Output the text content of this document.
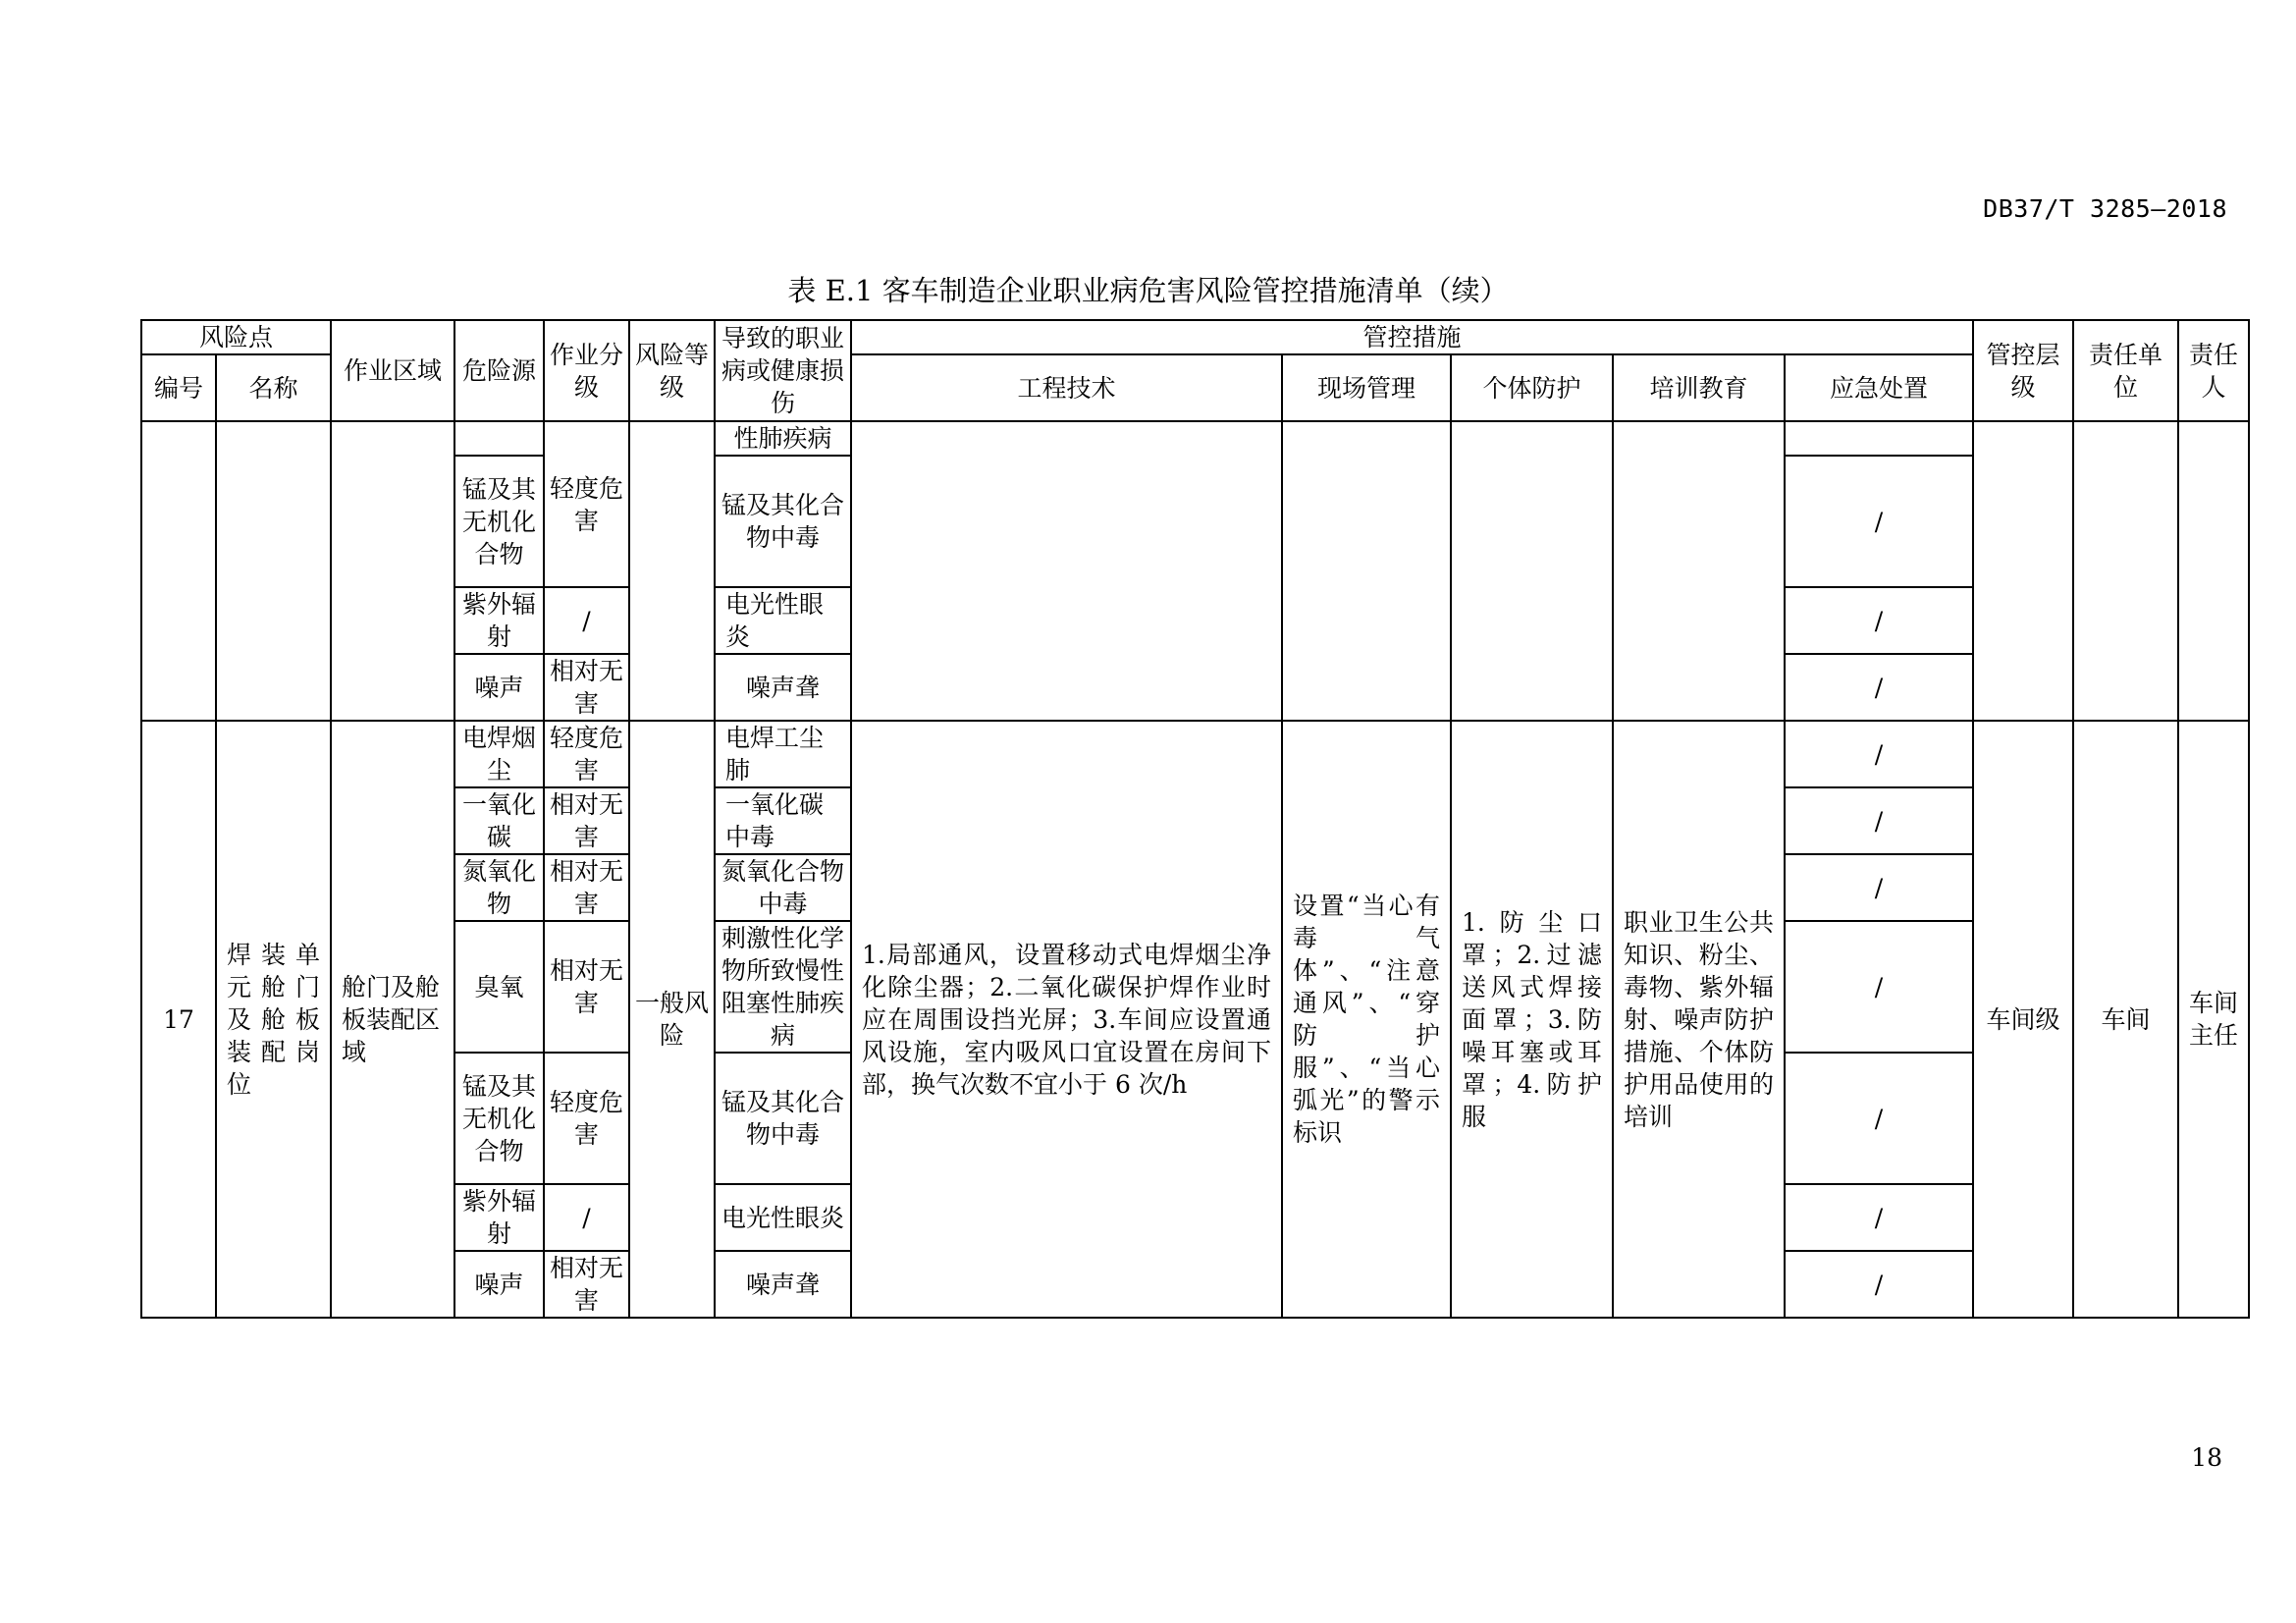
DB37/T 3285—2018
表 E.1 客车制造企业职业病危害风险管控措施清单（续）
风险点		作业区域	危险源	作业分级	风险等级	导致的职业病或健康损伤	管控措施					管控层级	责任单位	责任人
编号	名称						工程技术	现场管理	个体防护	培训教育	应急处置			
				轻度危害		性肺疾病								
			锰及其无机化合物			锰及其化合物中毒					/			
			紫外辐射	/		电光性眼炎					/			
			噪声	相对无害		噪声聋					/			
17	焊装单元舱门及舱板装配岗位	舱门及舱板装配区域	电焊烟尘	轻度危害	一般风险	电焊工尘肺	1.局部通风，设置移动式电焊烟尘净化除尘器；2.二氧化碳保护焊作业时应在周围设挡光屏；3.车间应设置通风设施，室内吸风口宜设置在房间下部，换气次数不宜小于 6 次/h	设置“当心有毒气体”、“注意通风”、“穿防护服”、“当心弧光”的警示标识	1.防尘口罩；2.过滤送风式焊接面罩；3.防噪耳塞或耳罩；4.防护服	职业卫生公共知识、粉尘、毒物、紫外辐射、噪声防护措施、个体防护用品使用的培训	/	车间级	车间	车间主任
			一氧化碳	相对无害		一氧化碳中毒					/			
			氮氧化物	相对无害		氮氧化合物中毒					/			
			臭氧	相对无害		刺激性化学物所致慢性阻塞性肺疾病					/			
			锰及其无机化合物	轻度危害		锰及其化合物中毒					/			
			紫外辐射	/		电光性眼炎					/			
			噪声	相对无害		噪声聋					/			
18
